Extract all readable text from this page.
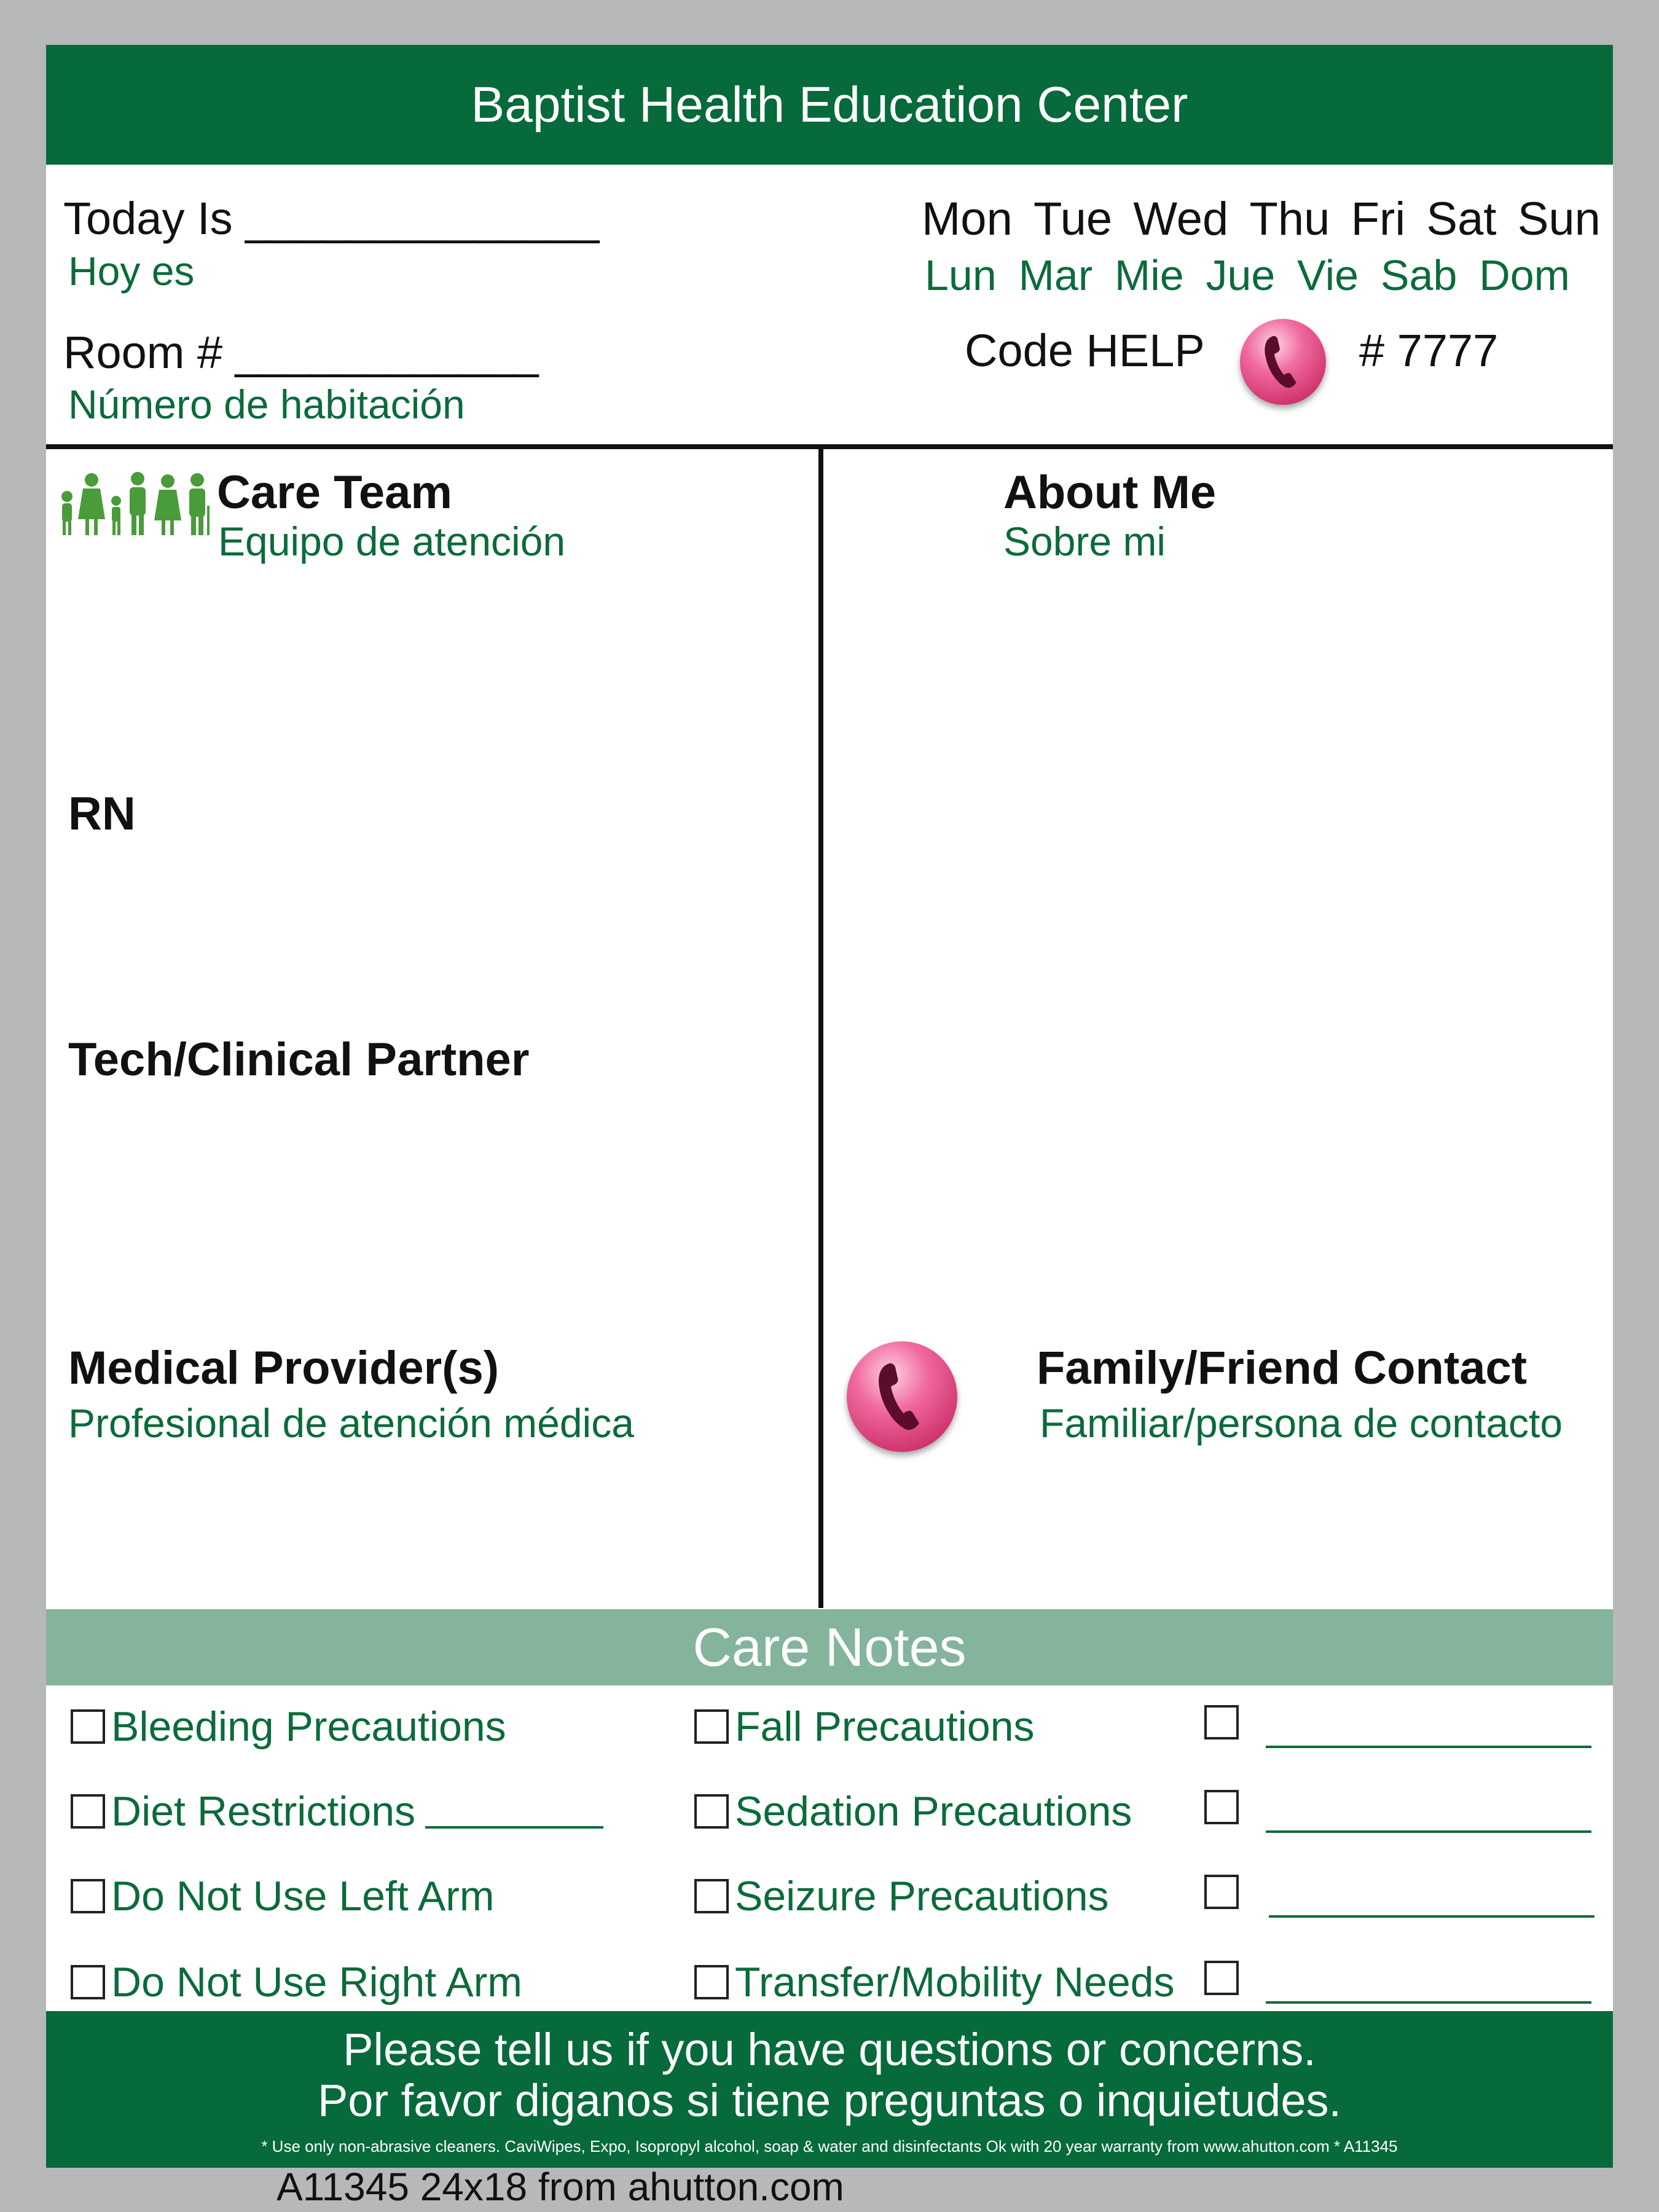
Baptist Health Education Center
Today Is ______________
Hoy es
Room # ____________
Número de habitación
Mon Tue Wed Thu Fri Sat Sun
Lun Mar Mie Jue Vie Sab Dom
Code HELP	# 7777
Care Team
Equipo de atención
RN
Tech/Clinical Partner
Medical Provider(s)
Profesional de atención médica
About Me
Sobre mi
Family/Friend Contact
Familiar/persona de contacto
Care Notes
Bleeding Precautions
Diet Restrictions
Do Not Use Left Arm
Do Not Use Right Arm
Fall Precautions
Sedation Precautions
Seizure Precautions
Transfer/Mobility Needs
Please tell us if you have questions or concerns.
Por favor diganos si tiene preguntas o inquietudes.
* Use only non-abrasive cleaners. CaviWipes, Expo, Isopropyl alcohol, soap & water and disinfectants Ok with 20 year warranty from www.ahutton.com * A11345
A11345 24x18 from ahutton.com
